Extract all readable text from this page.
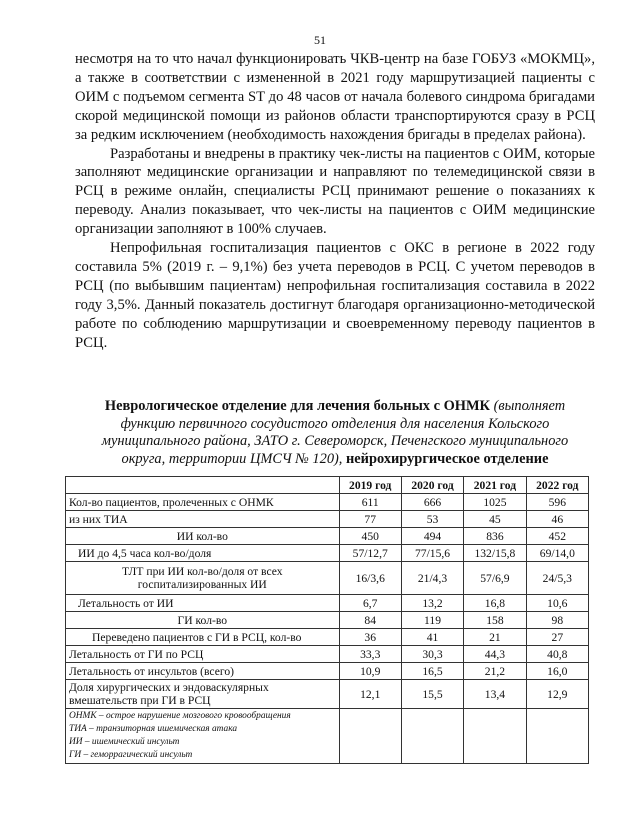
51

несмотря на то что начал функционировать ЧКВ-центр на базе ГОБУЗ «МОКМЦ», а также в соответствии с измененной в 2021 году маршрутизацией пациенты с ОИМ с подъемом сегмента ST до 48 часов от начала болевого синдрома бригадами скорой медицинской помощи из районов области транспортируются сразу в РСЦ за редким исключением (необходимость нахождения бригады в пределах района).

Разработаны и внедрены в практику чек-листы на пациентов с ОИМ, которые заполняют медицинские организации и направляют по телемедицинской связи в РСЦ в режиме онлайн, специалисты РСЦ принимают решение о показаниях к переводу. Анализ показывает, что чек-листы на пациентов с ОИМ медицинские организации заполняют в 100% случаев.

Непрофильная госпитализация пациентов с ОКС в регионе в 2022 году составила 5% (2019 г. – 9,1%) без учета переводов в РСЦ. С учетом переводов в РСЦ (по выбывшим пациентам) непрофильная госпитализация составила в 2022 году 3,5%. Данный показатель достигнут благодаря организационно-методической работе по соблюдению маршрутизации и своевременному переводу пациентов в РСЦ.

Неврологическое отделение для лечения больных с ОНМК (выполняет функцию первичного сосудистого отделения для населения Кольского муниципального района, ЗАТО г. Североморск, Печенгского муниципального округа, территории ЦМСЧ № 120), нейрохирургическое отделение
	2019 год	2020 год	2021 год	2022 год
Кол-во пациентов, пролеченных с ОНМК	611	666	1025	596
из них ТИА	77	53	45	46
ИИ кол-во	450	494	836	452
ИИ до 4,5 часа кол-во/доля	57/12,7	77/15,6	132/15,8	69/14,0
ТЛТ при ИИ кол-во/доля от всех госпитализированных ИИ	16/3,6	21/4,3	57/6,9	24/5,3
Летальность от ИИ	6,7	13,2	16,8	10,6
ГИ кол-во	84	119	158	98
Переведено пациентов с ГИ в РСЦ, кол-во	36	41	21	27
Летальность от ГИ по РСЦ	33,3	30,3	44,3	40,8
Летальность от инсультов (всего)	10,9	16,5	21,2	16,0
Доля хирургических и эндоваскулярных вмешательств при ГИ в РСЦ	12,1	15,5	13,4	12,9

ОНМК – острое нарушение мозгового кровообращения
ТИА – транзиторная ишемическая атака
ИИ – ишемический инсульт
ГИ – геморрагический инсульт				
